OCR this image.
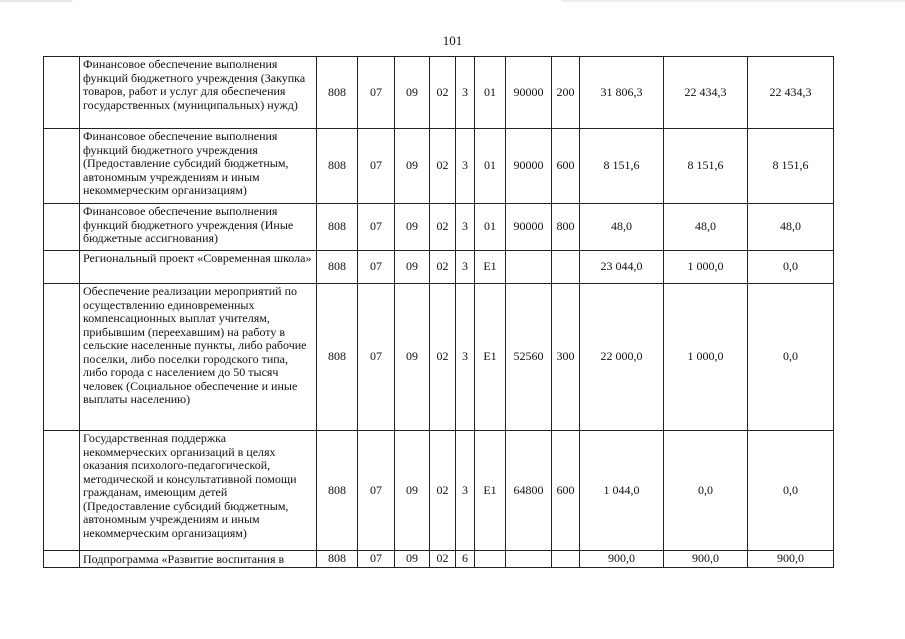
101
	Финансовое обеспечение выполнения функций бюджетного учреждения (Закупка товаров, работ и услуг для обеспечения государственных (муниципальных) нужд)	808	07	09	02	3	01	90000	200	31 806,3	22 434,3	22 434,3
	Финансовое обеспечение выполнения функций бюджетного учреждения (Предоставление субсидий бюджетным, автономным учреждениям и иным некоммерческим организациям)	808	07	09	02	3	01	90000	600	8 151,6	8 151,6	8 151,6
	Финансовое обеспечение выполнения функций бюджетного учреждения (Иные бюджетные ассигнования)	808	07	09	02	3	01	90000	800	48,0	48,0	48,0
	Региональный проект «Современная школа»	808	07	09	02	3	E1			23 044,0	1 000,0	0,0
	Обеспечение реализации мероприятий по осуществлению единовременных компенсационных выплат учителям, прибывшим (переехавшим) на работу в сельские населенные пункты, либо рабочие поселки, либо поселки городского типа, либо города с населением до 50 тысяч человек (Социальное обеспечение и иные выплаты населению)	808	07	09	02	3	E1	52560	300	22 000,0	1 000,0	0,0
	Государственная поддержка некоммерческих организаций в целях оказания психолого-педагогической, методической и консультативной помощи гражданам, имеющим детей (Предоставление субсидий бюджетным, автономным учреждениям и иным некоммерческим организациям)	808	07	09	02	3	E1	64800	600	1 044,0	0,0	0,0
	Подпрограмма «Развитие воспитания в	808	07	09	02	6				900,0	900,0	900,0
